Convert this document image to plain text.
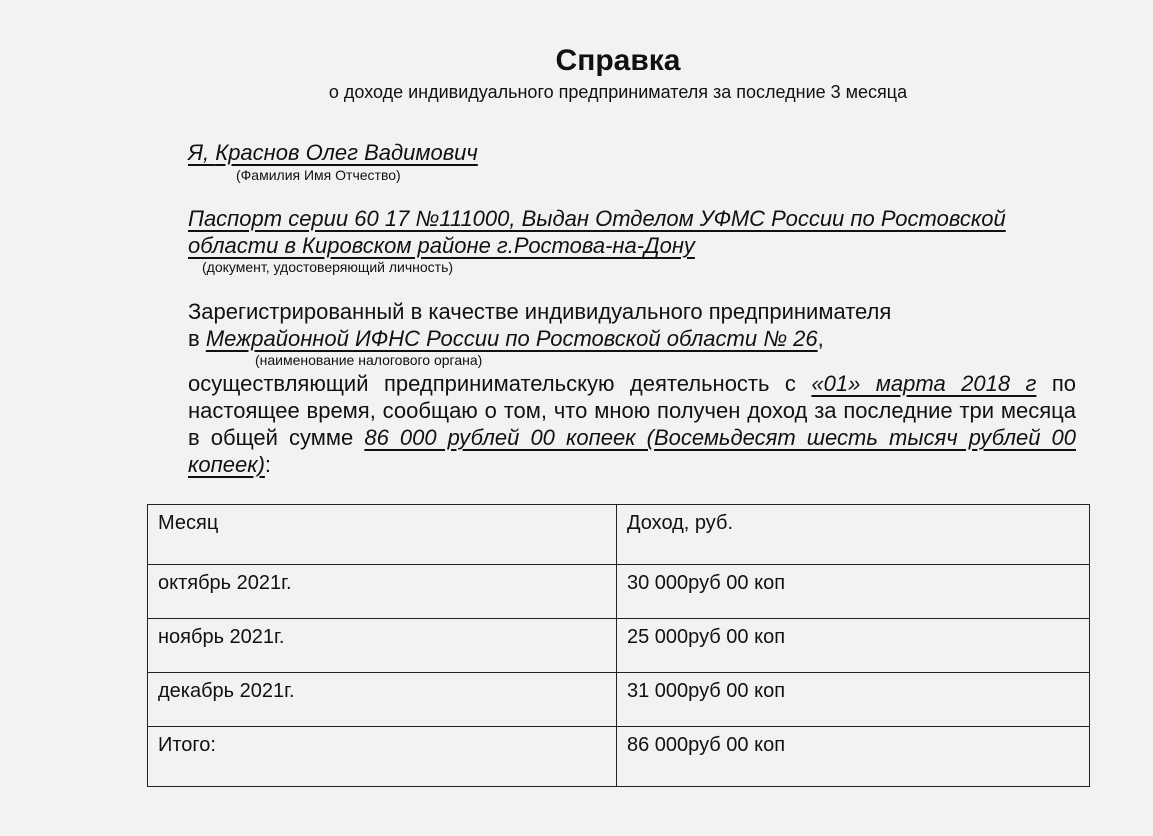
Справка
о доходе индивидуального предпринимателя за последние 3 месяца
Я, Краснов Олег Вадимович
(Фамилия Имя Отчество)
Паспорт серии 60 17 №111000, Выдан Отделом УФМС России по Ростовской
области в Кировском районе г.Ростова-на-Дону
(документ, удостоверяющий личность)
Зарегистрированный в качестве индивидуального предпринимателя
в Межрайонной ИФНС России по Ростовской области № 26,
(наименование налогового органа)
осуществляющий предпринимательскую деятельность с «01» марта 2018 г по настоящее время, сообщаю о том, что мною получен доход за последние три месяца в общей сумме 86 000 рублей 00 копеек (Восемьдесят шесть тысяч рублей 00 копеек):
Месяц	Доход, руб.
октябрь 2021г.	30 000руб 00 коп
ноябрь 2021г.	25 000руб 00 коп
декабрь 2021г.	31 000руб 00 коп
Итого:	86 000руб 00 коп
